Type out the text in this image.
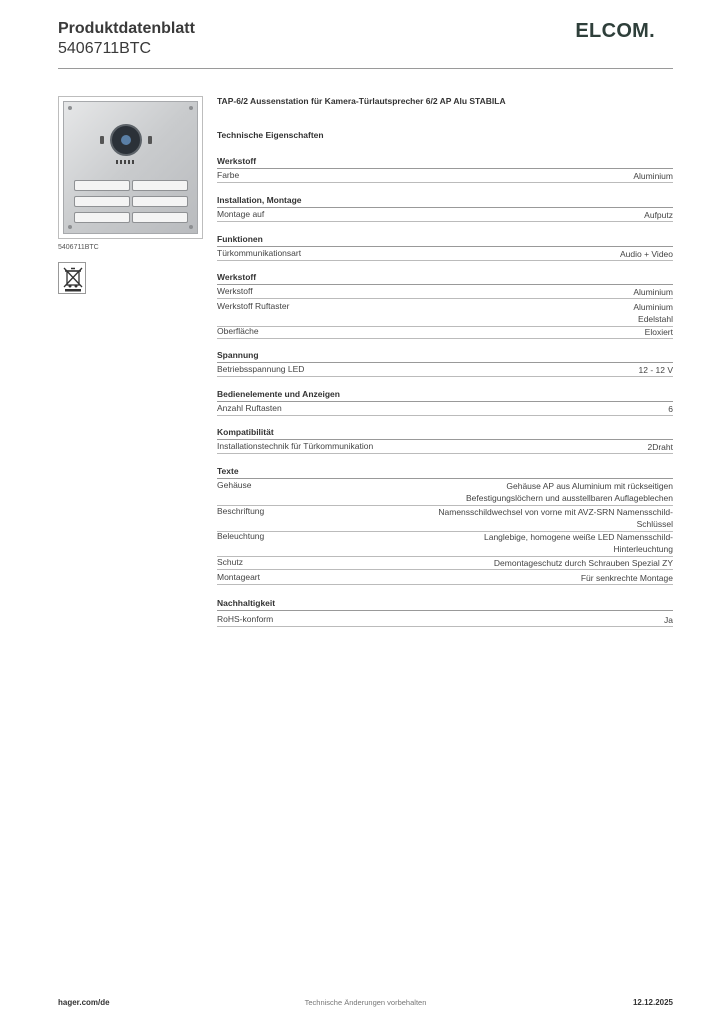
Produktdatenblatt
5406711BTC
ELCOM.
5406711BTC
TAP-6/2 Aussenstation für Kamera-Türlautsprecher 6/2 AP Alu STABILA
Technische Eigenschaften
Werkstoff
Farbe	Aluminium
Installation, Montage
Montage auf	Aufputz
Funktionen
Türkommunikationsart	Audio + Video
Werkstoff
Werkstoff	Aluminium
Werkstoff Ruftaster	Aluminium
Edelstahl
Oberfläche	Eloxiert
Spannung
Betriebsspannung LED	12 - 12 V
Bedienelemente und Anzeigen
Anzahl Ruftasten	6
Kompatibilität
Installationstechnik für Türkommunikation	2Draht
Texte
Gehäuse	Gehäuse AP aus Aluminium mit rückseitigen
Befestigungslöchern und ausstellbaren Auflageblechen
Beschriftung	Namensschildwechsel von vorne mit AVZ-SRN Namensschild-
Schlüssel
Beleuchtung	Langlebige, homogene weiße LED Namensschild-
Hinterleuchtung
Schutz	Demontageschutz durch Schrauben Spezial ZY
Montageart	Für senkrechte Montage
Nachhaltigkeit
RoHS-konform	Ja
hager.com/de	Technische Änderungen vorbehalten	12.12.2025
